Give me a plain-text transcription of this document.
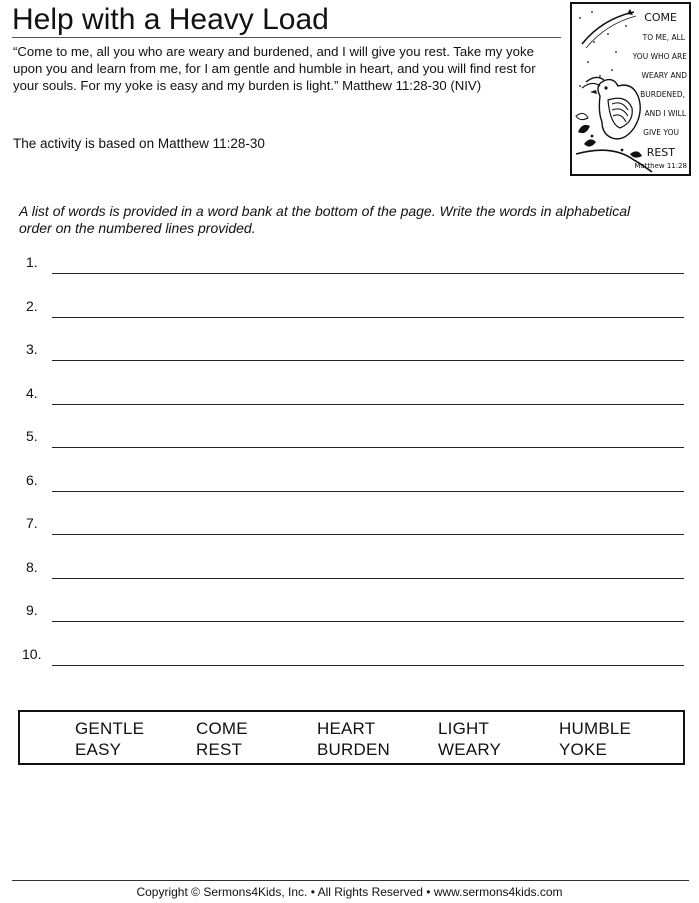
Help with a Heavy Load

“Come to me, all you who are weary and burdened, and I will give you rest. Take my yoke upon you and learn from me, for I am gentle and humble in heart, and you will find rest for your souls. For my yoke is easy and my burden is light.” Matthew 11:28-30 (NIV)

The activity is based on Matthew 11:28-30
COME
TO ME, ALL
YOU WHO ARE
WEARY AND
BURDENED,
AND I WILL
GIVE YOU
REST
Matthew 11:28

A list of words is provided in a word bank at the bottom of the page. Write the words in alphabetical order on the numbered lines provided.

1.
2.
3.
4.
5.
6.
7.
8.
9.
10.
GENTLE	COME	HEART	LIGHT	HUMBLE
EASY	REST	BURDEN	WEARY	YOKE
Copyright © Sermons4Kids, Inc. • All Rights Reserved • www.sermons4kids.com
